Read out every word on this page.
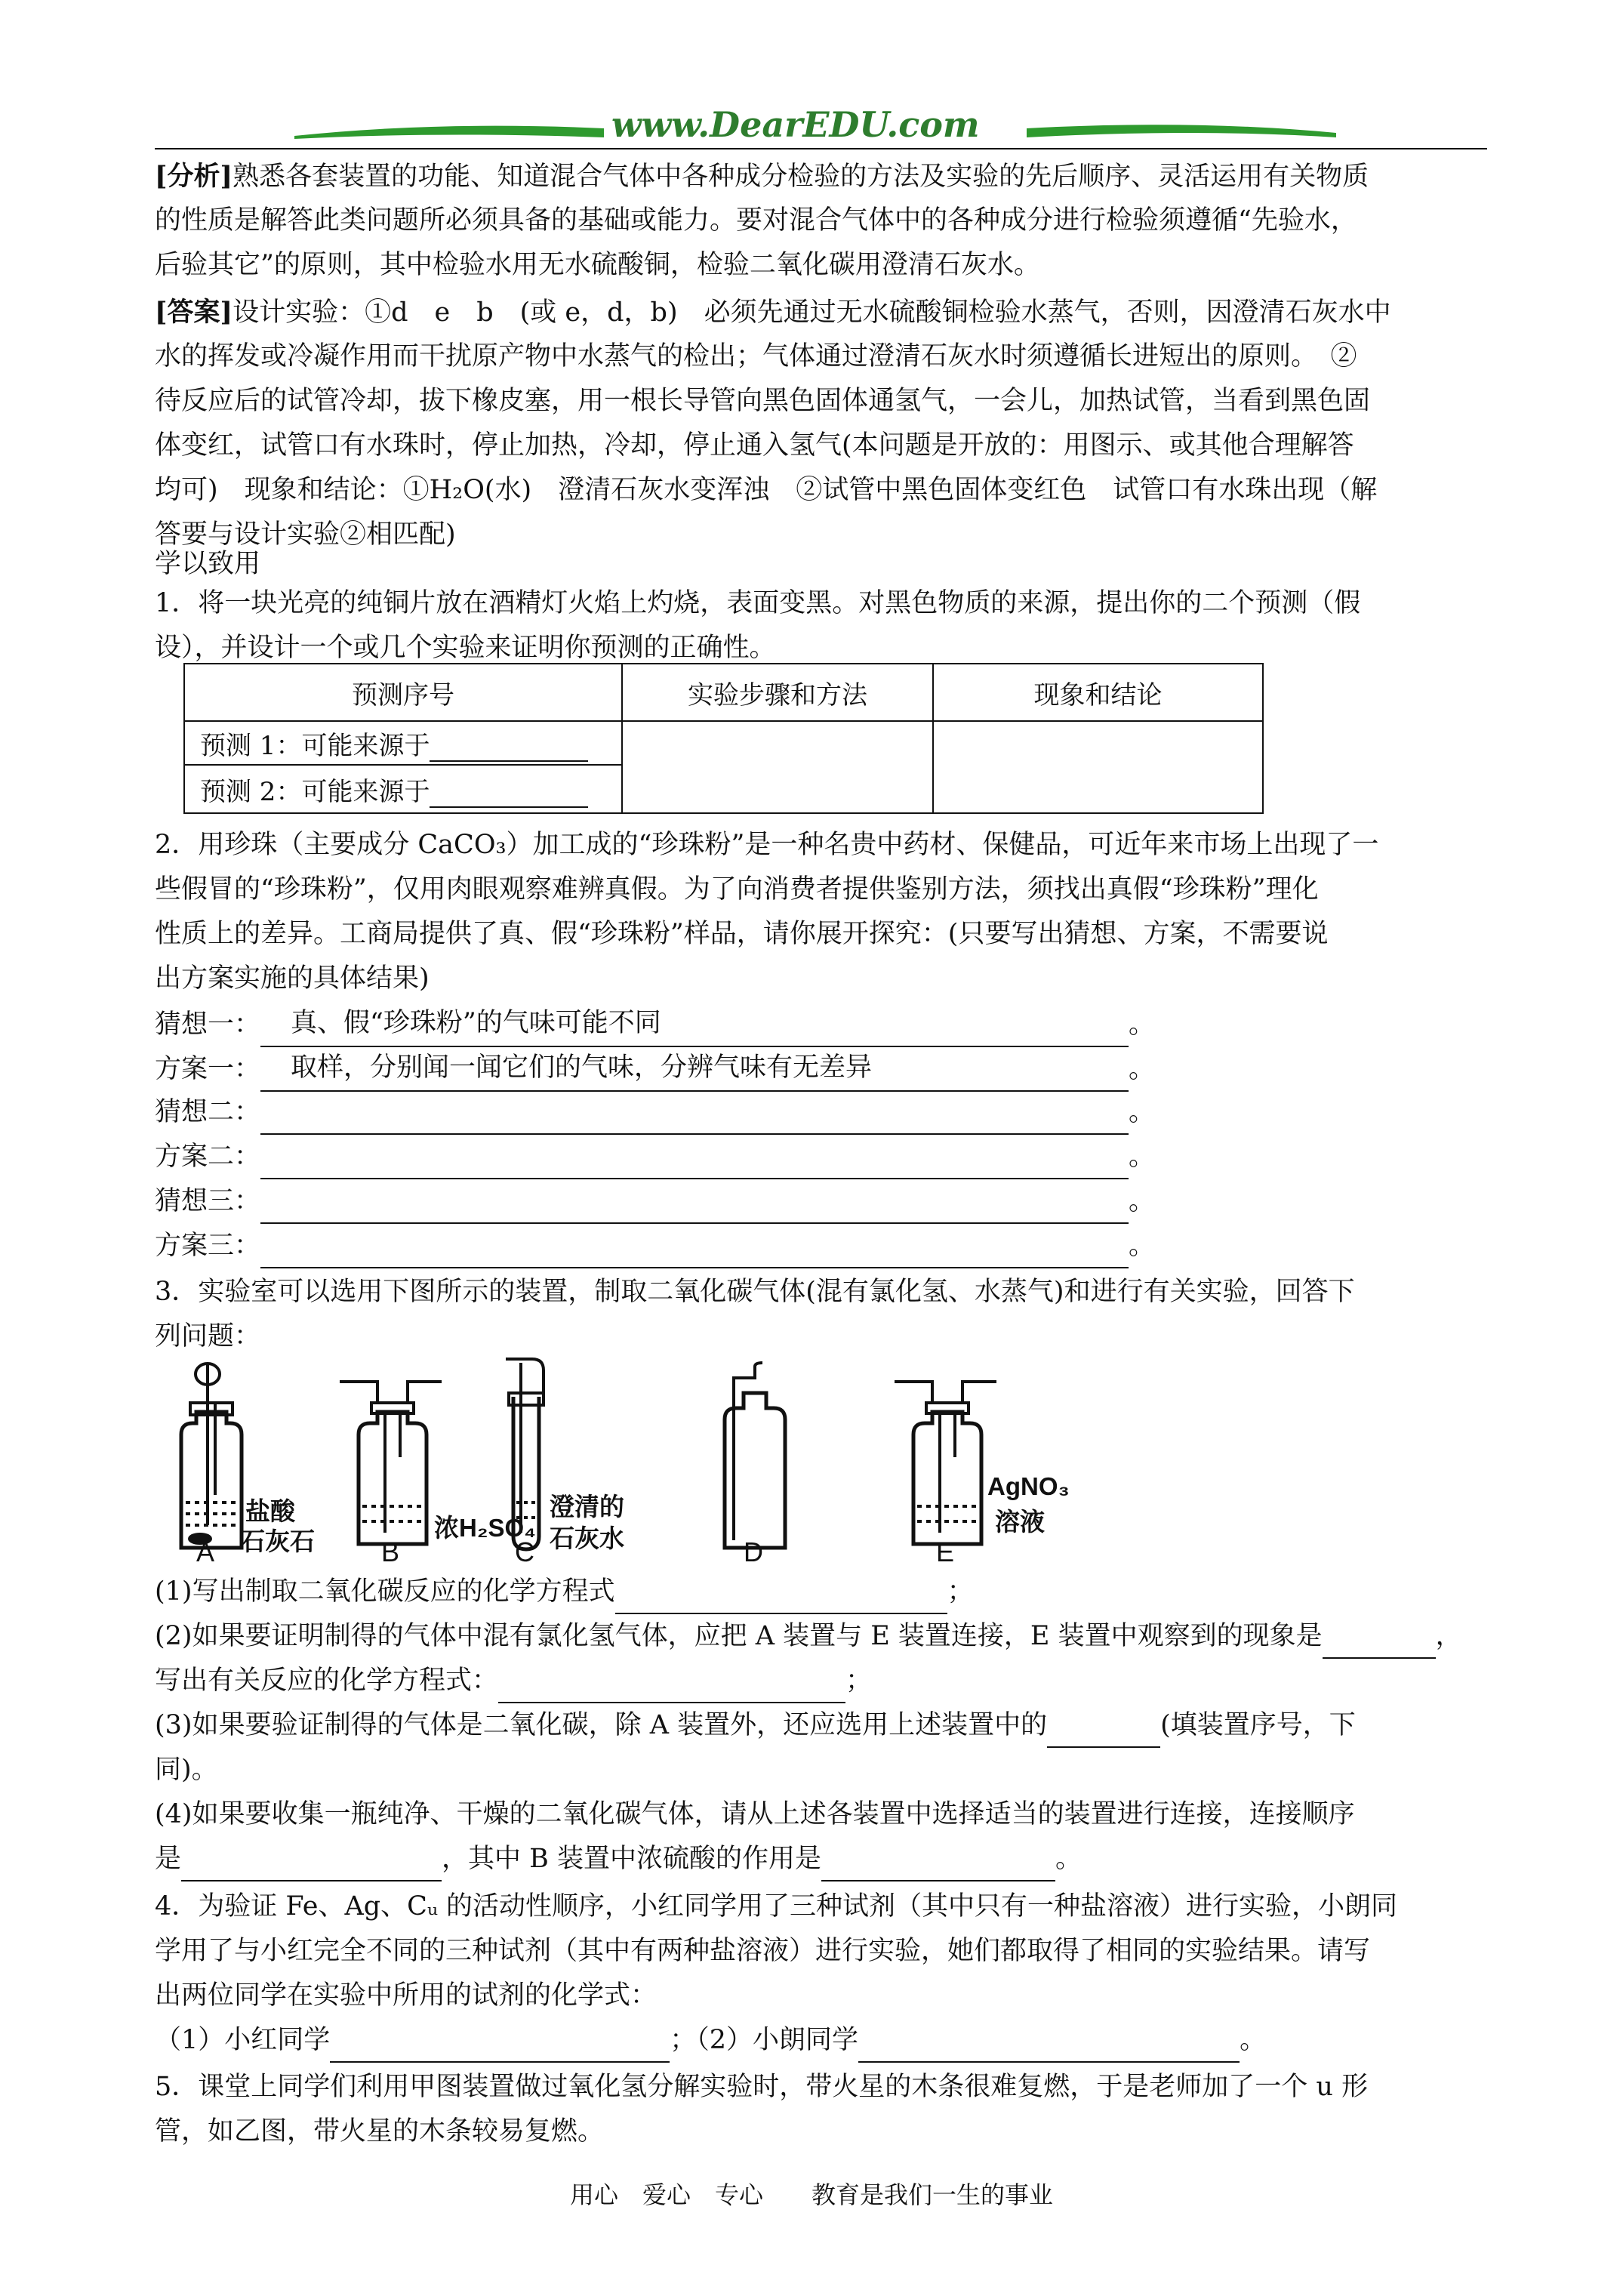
www.DearEDU.com
[分析]熟悉各套装置的功能、知道混合气体中各种成分检验的方法及实验的先后顺序、灵活运用有关物质
的性质是解答此类问题所必须具备的基础或能力。要对混合气体中的各种成分进行检验须遵循“先验水，
后验其它”的原则，其中检验水用无水硫酸铜，检验二氧化碳用澄清石灰水。
[答案]设计实验：①d　e　b　(或 e，d，b)　必须先通过无水硫酸铜检验水蒸气，否则，因澄清石灰水中
水的挥发或冷凝作用而干扰原产物中水蒸气的检出；气体通过澄清石灰水时须遵循长进短出的原则。　②
待反应后的试管冷却，拔下橡皮塞，用一根长导管向黑色固体通氢气，一会儿，加热试管，当看到黑色固
体变红，试管口有水珠时，停止加热，冷却，停止通入氢气(本问题是开放的：用图示、或其他合理解答
均可)　现象和结论：①H₂O(水)　澄清石灰水变浑浊　②试管中黑色固体变红色　试管口有水珠出现（解
答要与设计实验②相匹配)
学以致用
1．将一块光亮的纯铜片放在酒精灯火焰上灼烧，表面变黑。对黑色物质的来源，提出你的二个预测（假
设），并设计一个或几个实验来证明你预测的正确性。
预测序号	实验步骤和方法	现象和结论
预测 1：可能来源于		
预测 2：可能来源于		
2．用珍珠（主要成分 CaCO₃）加工成的“珍珠粉”是一种名贵中药材、保健品，可近年来市场上出现了一
些假冒的“珍珠粉”，仅用肉眼观察难辨真假。为了向消费者提供鉴别方法，须找出真假“珍珠粉”理化
性质上的差异。工商局提供了真、假“珍珠粉”样品，请你展开探究：(只要写出猜想、方案，不需要说
出方案实施的具体结果)
猜想一： 真、假“珍珠粉”的气味可能不同	。
方案一： 取样，分别闻一闻它们的气味，分辨气味有无差异	。
猜想二：	。
方案二：	。
猜想三：	。
方案三：	。
3．实验室可以选用下图所示的装置，制取二氧化碳气体(混有氯化氢、水蒸气)和进行有关实验，回答下
列问题：
盐酸
石灰石	浓H₂SO₄
澄清的
石灰水
AgNO₃
溶液
A	B	C	D	E
(1)写出制取二氧化碳反应的化学方程式	；
(2)如果要证明制得的气体中混有氯化氢气体，应把 A 装置与 E 装置连接，E 装置中观察到的现象是	，
写出有关反应的化学方程式：	；
(3)如果要验证制得的气体是二氧化碳，除 A 装置外，还应选用上述装置中的	(填装置序号，下
同)。
(4)如果要收集一瓶纯净、干燥的二氧化碳气体，请从上述各装置中选择适当的装置进行连接，连接顺序
是	，其中 B 装置中浓硫酸的作用是	。
4．为验证 Fe、Ag、Cᵤ 的活动性顺序，小红同学用了三种试剂（其中只有一种盐溶液）进行实验，小朗同
学用了与小红完全不同的三种试剂（其中有两种盐溶液）进行实验，她们都取得了相同的实验结果。请写
出两位同学在实验中所用的试剂的化学式：
（1）小红同学	；（2）小朗同学	。
5．课堂上同学们利用甲图装置做过氧化氢分解实验时，带火星的木条很难复燃，于是老师加了一个 u 形
管，如乙图，带火星的木条较易复燃。
用心　爱心　专心　　教育是我们一生的事业
